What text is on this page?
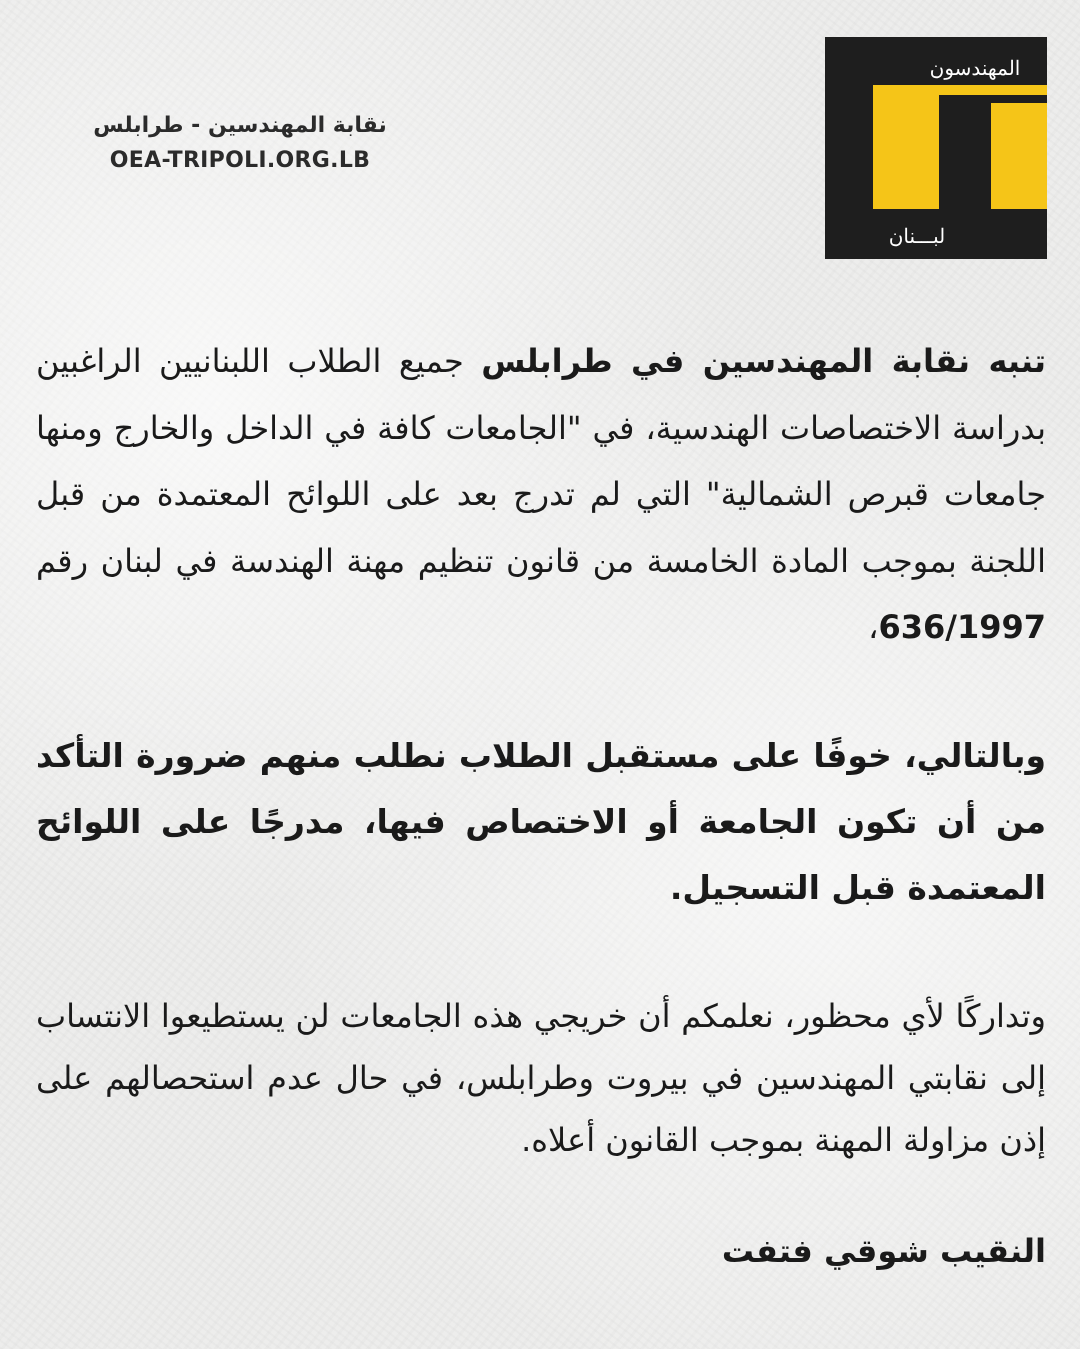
نقابة المهندسين - طرابلس
OEA-TRIPOLI.ORG.LB
المهندسون
لبـــنان

تنبه نقابة المهندسين في طرابلس جميع الطلاب اللبنانيين الراغبين بدراسة الاختصاصات الهندسية، في "الجامعات كافة في الداخل والخارج ومنها جامعات قبرص الشمالية" التي لم تدرج بعد على اللوائح المعتمدة من قبل اللجنة بموجب المادة الخامسة من قانون تنظيم مهنة الهندسة في لبنان رقم 636/1997،

وبالتالي، خوفًا على مستقبل الطلاب نطلب منهم ضرورة التأكد من أن تكون الجامعة أو الاختصاص فيها، مدرجًا على اللوائح المعتمدة قبل التسجيل.

وتداركًا لأي محظور، نعلمكم أن خريجي هذه الجامعات لن يستطيعوا الانتساب إلى نقابتي المهندسين في بيروت وطرابلس، في حال عدم استحصالهم على إذن مزاولة المهنة بموجب القانون أعلاه.

النقيب شوقي فتفت
